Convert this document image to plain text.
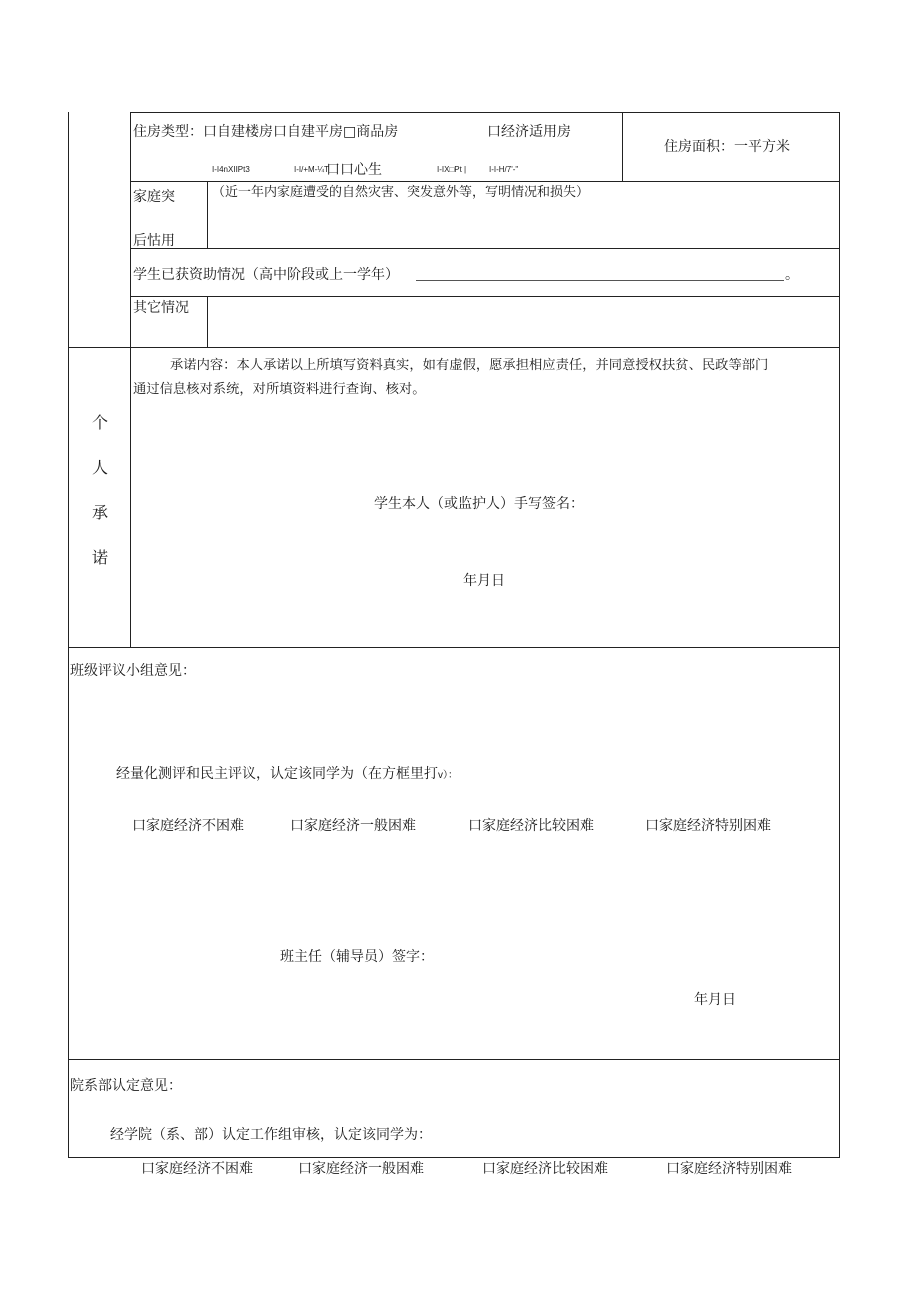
住房类型：口自建楼房口自建平房□商品房	口经济适用房
住房面积：一平方米
I-I4nXIIPt3	I-I/+M-¼T
口口心生	I-IX□Pt |	I-I-H/7'-"
家庭突
后怙用
（近一年内家庭遭受的自然灾害、突发意外等，写明情况和损失）
学生已获资助情况（高中阶段或上一学年）	。
其它情况
个
人
承
诺
承诺内容：本人承诺以上所填写资料真实，如有虚假，愿承担相应责任，并同意授权扶贫、民政等部门
通过信息核对系统，对所填资料进行查询、核对。
学生本人（或监护人）手写签名：
年月日
班级评议小组意见：
经量化测评和民主评议，认定该同学为（在方框里打v）：
口家庭经济不困难	口家庭经济一般困难	口家庭经济比较困难	口家庭经济特别困难
班主任（辅导员）签字：
年月日
院系部认定意见：
经学院（系、部）认定工作组审核，认定该同学为：
口家庭经济不困难	口家庭经济一般困难	口家庭经济比较困难	口家庭经济特别困难
